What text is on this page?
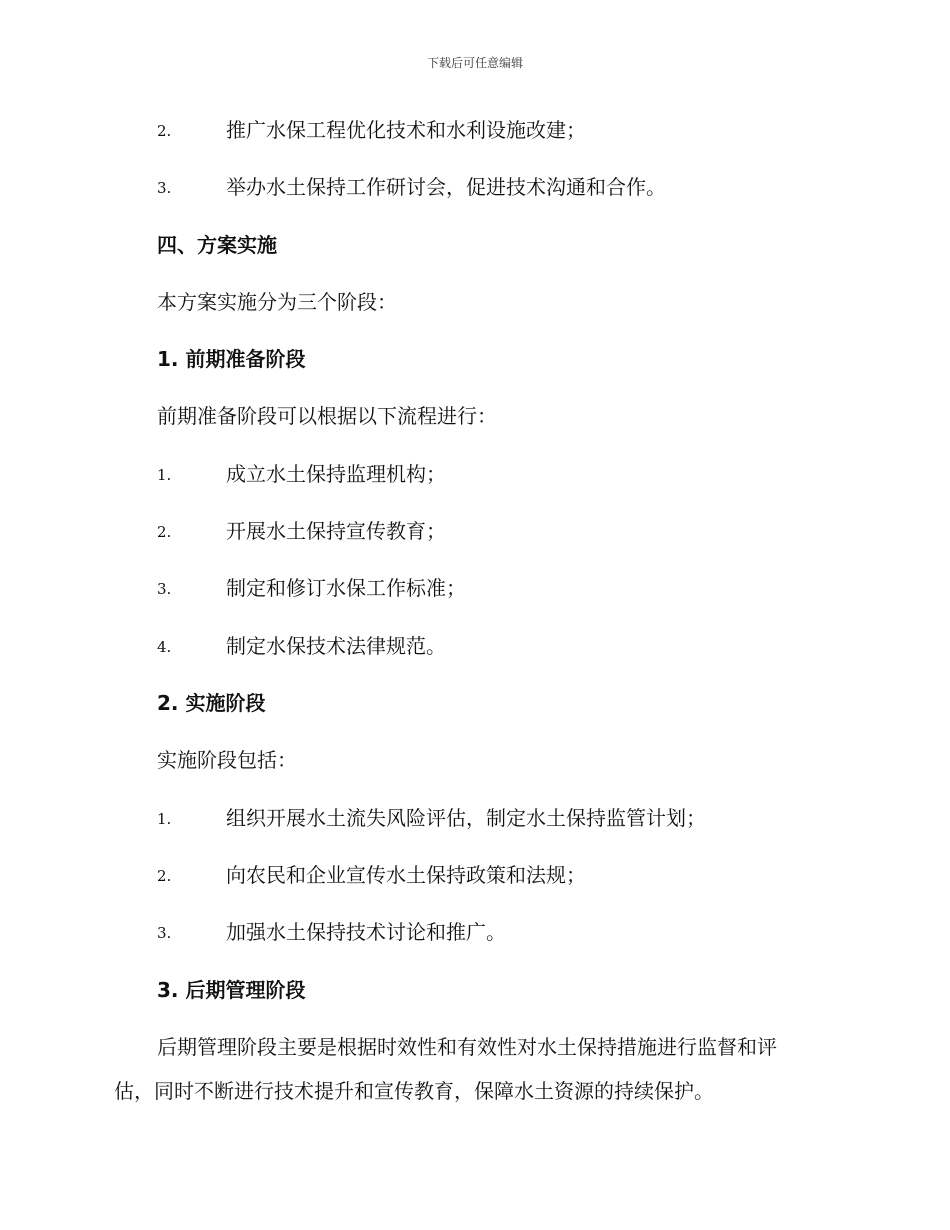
下载后可任意编辑
2.	推广水保工程优化技术和水利设施改建；
3.	举办水土保持工作研讨会，促进技术沟通和合作。
四、方案实施
本方案实施分为三个阶段：
1. 前期准备阶段
前期准备阶段可以根据以下流程进行：
1.	成立水土保持监理机构；
2.	开展水土保持宣传教育；
3.	制定和修订水保工作标准；
4.	制定水保技术法律规范。
2. 实施阶段
实施阶段包括：
1.	组织开展水土流失风险评估，制定水土保持监管计划；
2.	向农民和企业宣传水土保持政策和法规；
3.	加强水土保持技术讨论和推广。
3. 后期管理阶段
后期管理阶段主要是根据时效性和有效性对水土保持措施进行监督和评
估，同时不断进行技术提升和宣传教育，保障水土资源的持续保护。
